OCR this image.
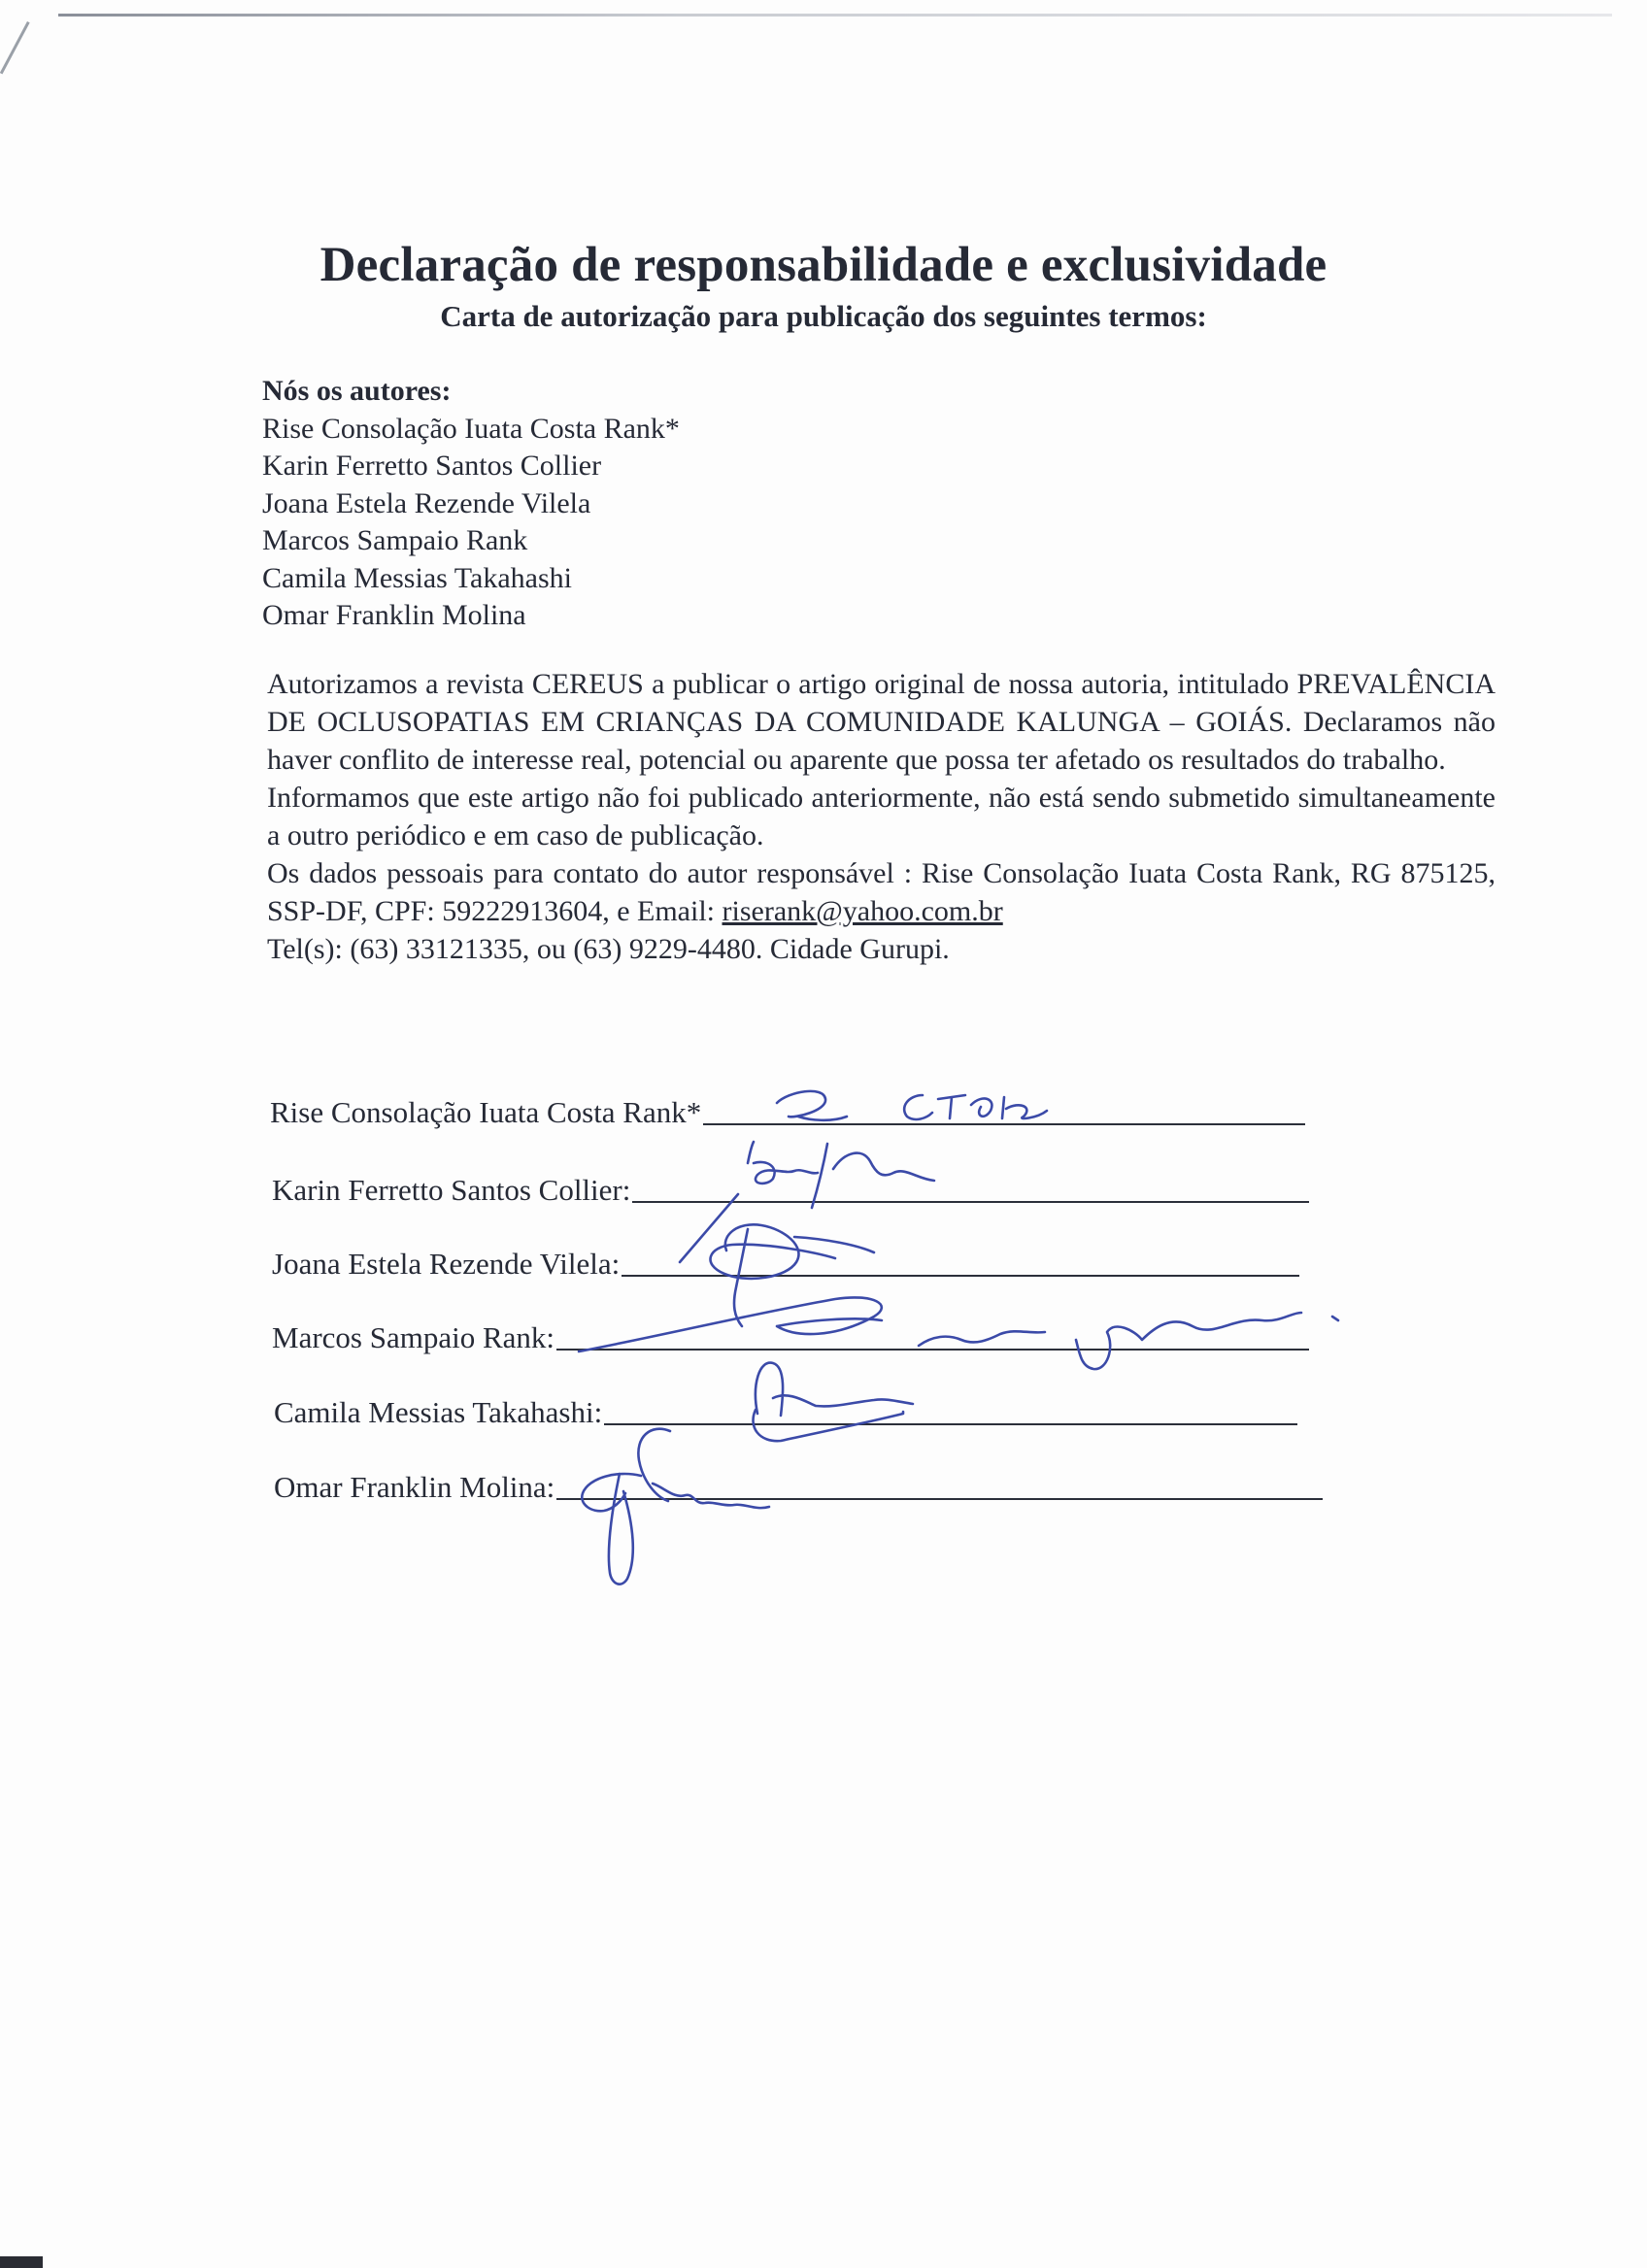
Declaração de responsabilidade e exclusividade
Carta de autorização para publicação dos seguintes termos:
Nós os autores:
Rise Consolação Iuata Costa Rank*
Karin Ferretto Santos Collier
Joana Estela Rezende Vilela
Marcos Sampaio Rank
Camila Messias Takahashi
Omar Franklin Molina

Autorizamos a revista CEREUS a publicar o artigo original de nossa autoria, intitulado PREVALÊNCIA DE OCLUSOPATIAS EM CRIANÇAS DA COMUNIDADE KALUNGA – GOIÁS. Declaramos não haver conflito de interesse real, potencial ou aparente que possa ter afetado os resultados do trabalho.

Informamos que este artigo não foi publicado anteriormente, não está sendo submetido simultaneamente a outro periódico e em caso de publicação.

Os dados pessoais para contato do autor responsável : Rise Consolação Iuata Costa Rank, RG 875125, SSP-DF, CPF: 59222913604, e Email: riserank@yahoo.com.br

Tel(s): (63) 33121335, ou (63) 9229-4480. Cidade Gurupi.

Rise Consolação Iuata Costa Rank*
Karin Ferretto Santos Collier:
Joana Estela Rezende Vilela:
Marcos Sampaio Rank:
Camila Messias Takahashi:
Omar Franklin Molina:
